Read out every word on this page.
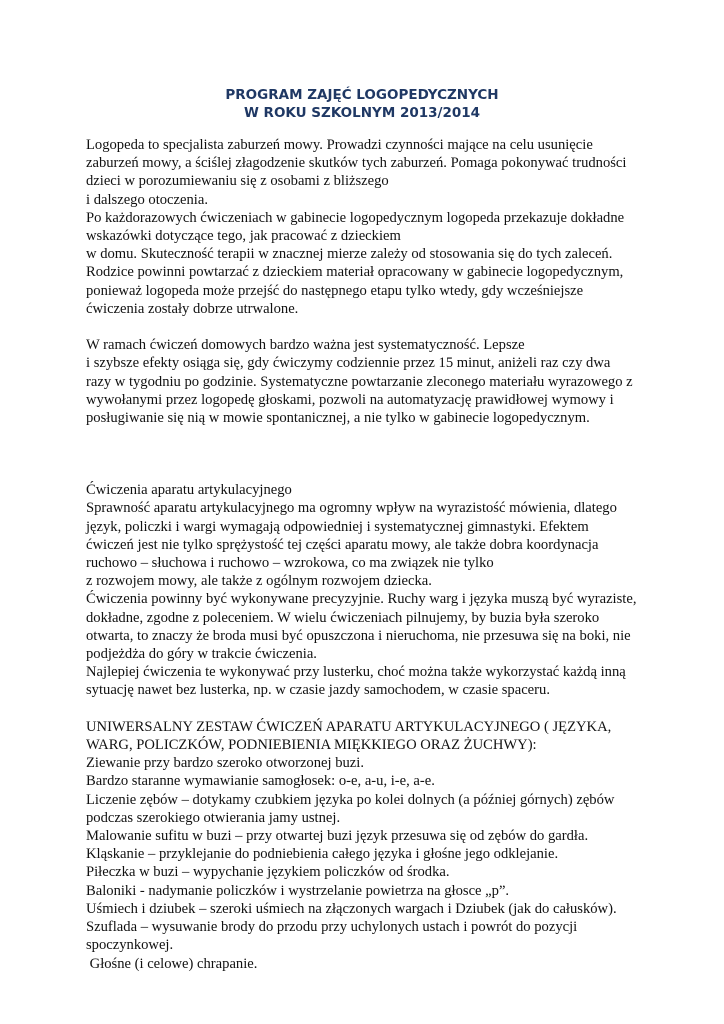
PROGRAM ZAJĘĆ LOGOPEDYCZNYCH
W ROKU SZKOLNYM 2013/2014
Logopeda to specjalista zaburzeń mowy. Prowadzi czynności mające na celu usunięcie
zaburzeń mowy, a ściślej złagodzenie skutków tych zaburzeń. Pomaga pokonywać trudności
dzieci w porozumiewaniu się z osobami z bliższego
i dalszego otoczenia.
Po każdorazowych ćwiczeniach w gabinecie logopedycznym logopeda przekazuje dokładne
wskazówki dotyczące tego, jak pracować z dzieckiem
w domu. Skuteczność terapii w znacznej mierze zależy od stosowania się do tych zaleceń.
Rodzice powinni powtarzać z dzieckiem materiał opracowany w gabinecie logopedycznym,
ponieważ logopeda może przejść do następnego etapu tylko wtedy, gdy wcześniejsze
ćwiczenia zostały dobrze utrwalone.
W ramach ćwiczeń domowych bardzo ważna jest systematyczność. Lepsze
i szybsze efekty osiąga się, gdy ćwiczymy codziennie przez 15 minut, aniżeli raz czy dwa
razy w tygodniu po godzinie. Systematyczne powtarzanie zleconego materiału wyrazowego z
wywołanymi przez logopedę głoskami, pozwoli na automatyzację prawidłowej wymowy i
posługiwanie się nią w mowie spontanicznej, a nie tylko w gabinecie logopedycznym.
Ćwiczenia aparatu artykulacyjnego
Sprawność aparatu artykulacyjnego ma ogromny wpływ na wyrazistość mówienia, dlatego
język, policzki i wargi wymagają odpowiedniej i systematycznej gimnastyki. Efektem
ćwiczeń jest nie tylko sprężystość tej części aparatu mowy, ale także dobra koordynacja
ruchowo – słuchowa i ruchowo – wzrokowa, co ma związek nie tylko
z rozwojem mowy, ale także z ogólnym rozwojem dziecka.
Ćwiczenia powinny być wykonywane precyzyjnie. Ruchy warg i języka muszą być wyraziste,
dokładne, zgodne z poleceniem. W wielu ćwiczeniach pilnujemy, by buzia była szeroko
otwarta, to znaczy że broda musi być opuszczona i nieruchoma, nie przesuwa się na boki, nie
podjeżdża do góry w trakcie ćwiczenia.
Najlepiej ćwiczenia te wykonywać przy lusterku, choć można także wykorzystać każdą inną
sytuację nawet bez lusterka, np. w czasie jazdy samochodem, w czasie spaceru.
UNIWERSALNY ZESTAW ĆWICZEŃ APARATU ARTYKULACYJNEGO ( JĘZYKA,
WARG, POLICZKÓW, PODNIEBIENIA MIĘKKIEGO ORAZ ŻUCHWY):
Ziewanie przy bardzo szeroko otworzonej buzi.
Bardzo staranne wymawianie samogłosek: o-e, a-u, i-e, a-e.
Liczenie zębów – dotykamy czubkiem języka po kolei dolnych (a później górnych) zębów
podczas szerokiego otwierania jamy ustnej.
Malowanie sufitu w buzi – przy otwartej buzi język przesuwa się od zębów do gardła.
Kląskanie – przyklejanie do podniebienia całego języka i głośne jego odklejanie.
Piłeczka w buzi – wypychanie językiem policzków od środka.
Baloniki - nadymanie policzków i wystrzelanie powietrza na głosce „p”.
Uśmiech i dziubek – szeroki uśmiech na złączonych wargach i Dziubek (jak do całusków).
Szuflada – wysuwanie brody do przodu przy uchylonych ustach i powrót do pozycji
spoczynkowej.
Głośne (i celowe) chrapanie.
